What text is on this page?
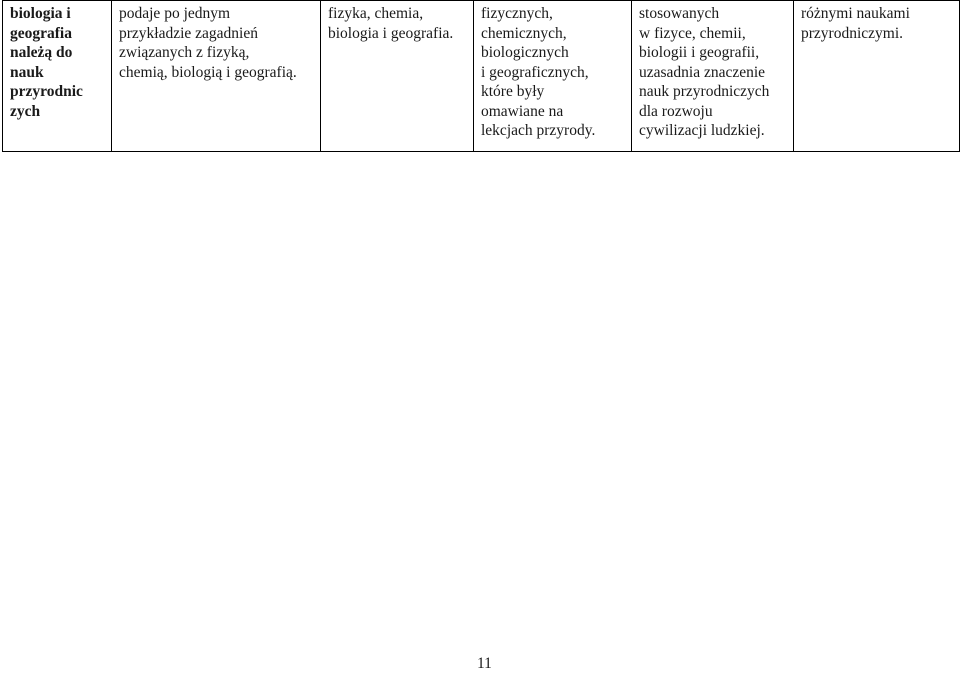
biologia i
geografia
należą do
nauk
przyrodnic
zych

podaje po jednym
przykładzie zagadnień
związanych z fizyką,
chemią, biologią i geografią.

fizyka, chemia,
biologia i geografia.

fizycznych,
chemicznych,
biologicznych
i geograficznych,
które były
omawiane na
lekcjach przyrody.

stosowanych
w fizyce, chemii,
biologii i geografii,
uzasadnia znaczenie
nauk przyrodniczych
dla rozwoju
cywilizacji ludzkiej.

różnymi naukami
przyrodniczymi.
11
